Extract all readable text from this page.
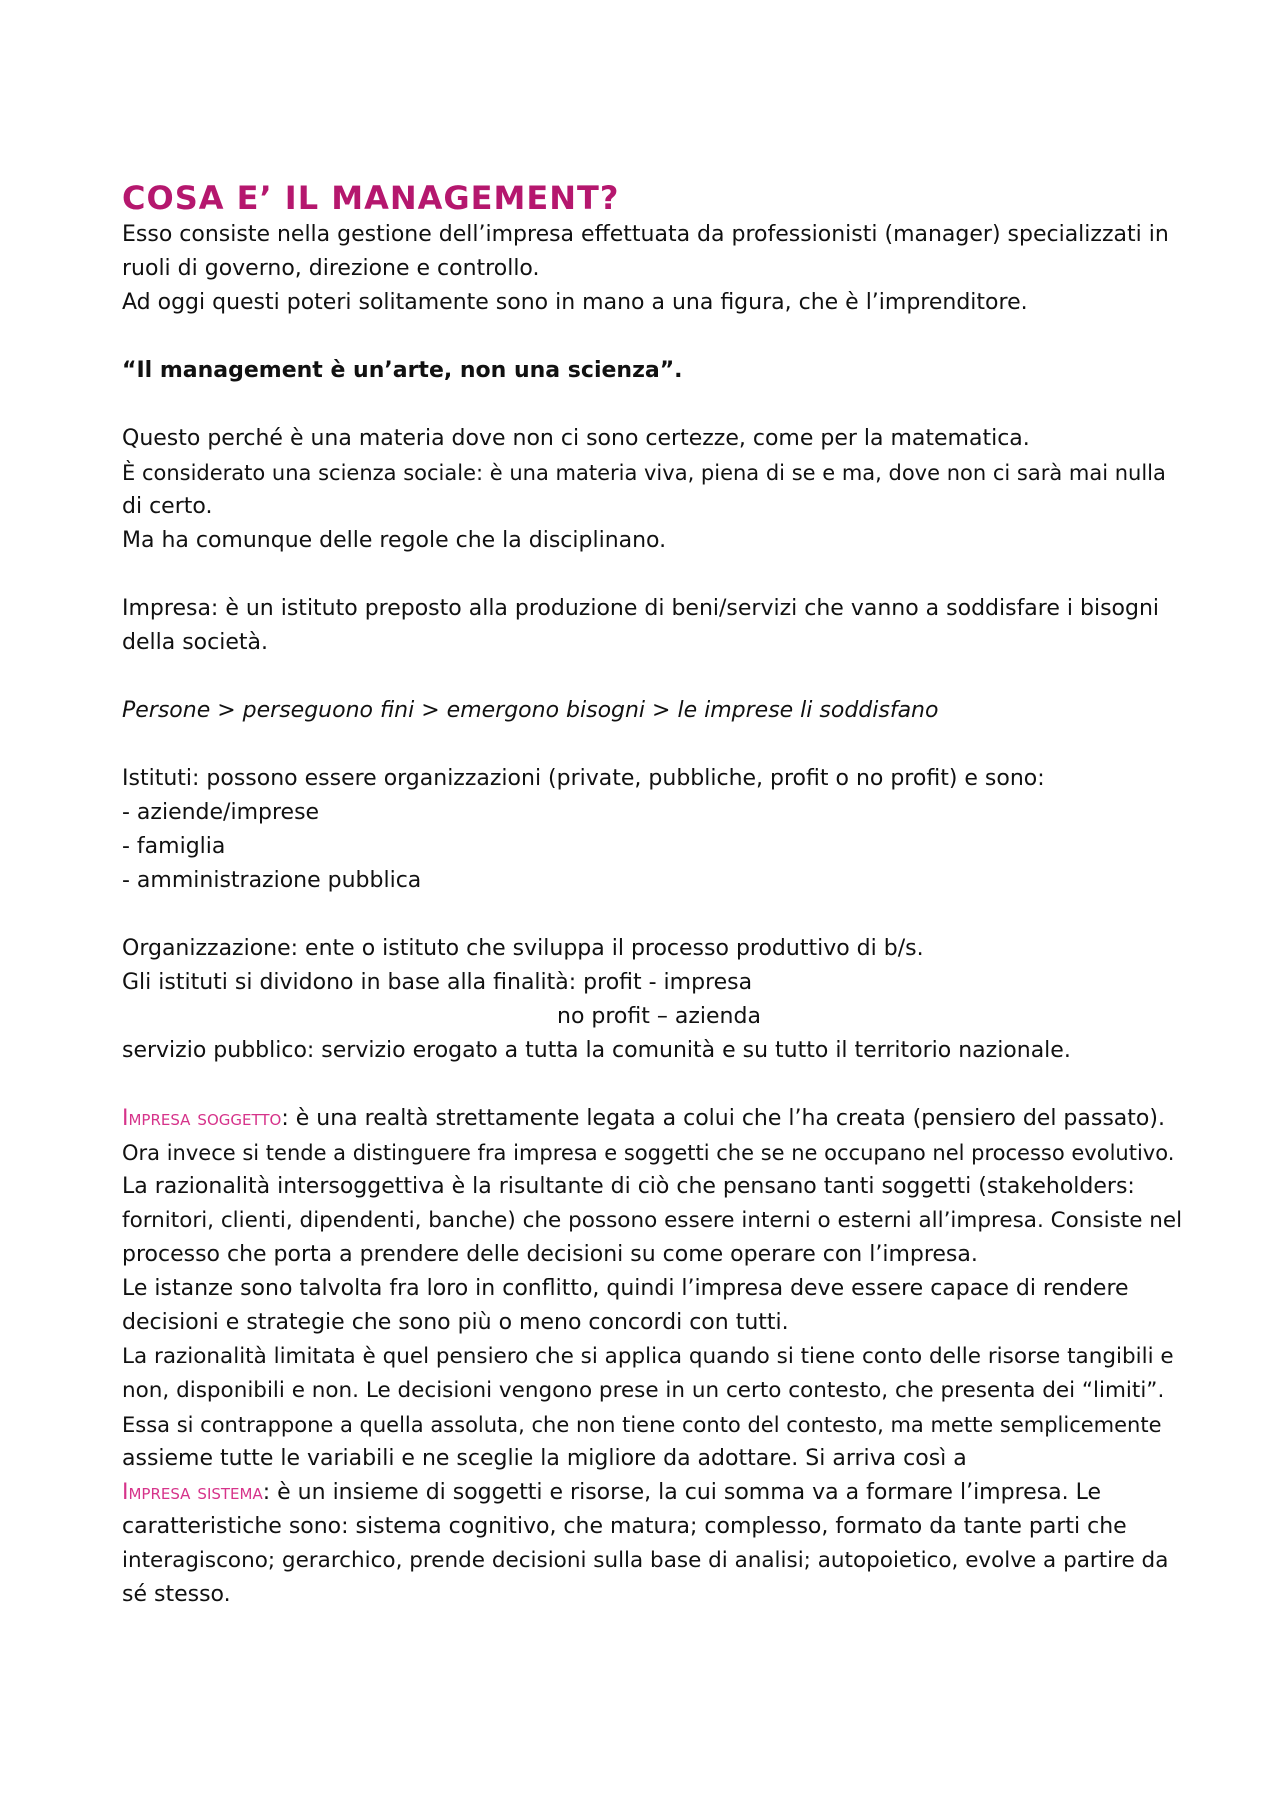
COSA E’ IL MANAGEMENT?
Esso consiste nella gestione dell’impresa effettuata da professionisti (manager) specializzati in
ruoli di governo, direzione e controllo.
Ad oggi questi poteri solitamente sono in mano a una figura, che è l’imprenditore.
“Il management è un’arte, non una scienza”.
Questo perché è una materia dove non ci sono certezze, come per la matematica.
È considerato una scienza sociale: è una materia viva, piena di se e ma, dove non ci sarà mai nulla
di certo.
Ma ha comunque delle regole che la disciplinano.
Impresa: è un istituto preposto alla produzione di beni/servizi che vanno a soddisfare i bisogni
della società.
Persone > perseguono fini > emergono bisogni > le imprese li soddisfano
Istituti: possono essere organizzazioni (private, pubbliche, profit o no profit) e sono:
- aziende/imprese
- famiglia
- amministrazione pubblica
Organizzazione: ente o istituto che sviluppa il processo produttivo di b/s.
Gli istituti si dividono in base alla finalità: profit - impresa
no profit – azienda
servizio pubblico: servizio erogato a tutta la comunità e su tutto il territorio nazionale.
Impresa soggetto: è una realtà strettamente legata a colui che l’ha creata (pensiero del passato).
Ora invece si tende a distinguere fra impresa e soggetti che se ne occupano nel processo evolutivo.
La razionalità intersoggettiva è la risultante di ciò che pensano tanti soggetti (stakeholders:
fornitori, clienti, dipendenti, banche) che possono essere interni o esterni all’impresa. Consiste nel
processo che porta a prendere delle decisioni su come operare con l’impresa.
Le istanze sono talvolta fra loro in conflitto, quindi l’impresa deve essere capace di rendere
decisioni e strategie che sono più o meno concordi con tutti.
La razionalità limitata è quel pensiero che si applica quando si tiene conto delle risorse tangibili e
non, disponibili e non. Le decisioni vengono prese in un certo contesto, che presenta dei “limiti”.
Essa si contrappone a quella assoluta, che non tiene conto del contesto, ma mette semplicemente
assieme tutte le variabili e ne sceglie la migliore da adottare. Si arriva così a
Impresa sistema: è un insieme di soggetti e risorse, la cui somma va a formare l’impresa. Le
caratteristiche sono: sistema cognitivo, che matura; complesso, formato da tante parti che
interagiscono; gerarchico, prende decisioni sulla base di analisi; autopoietico, evolve a partire da
sé stesso.
